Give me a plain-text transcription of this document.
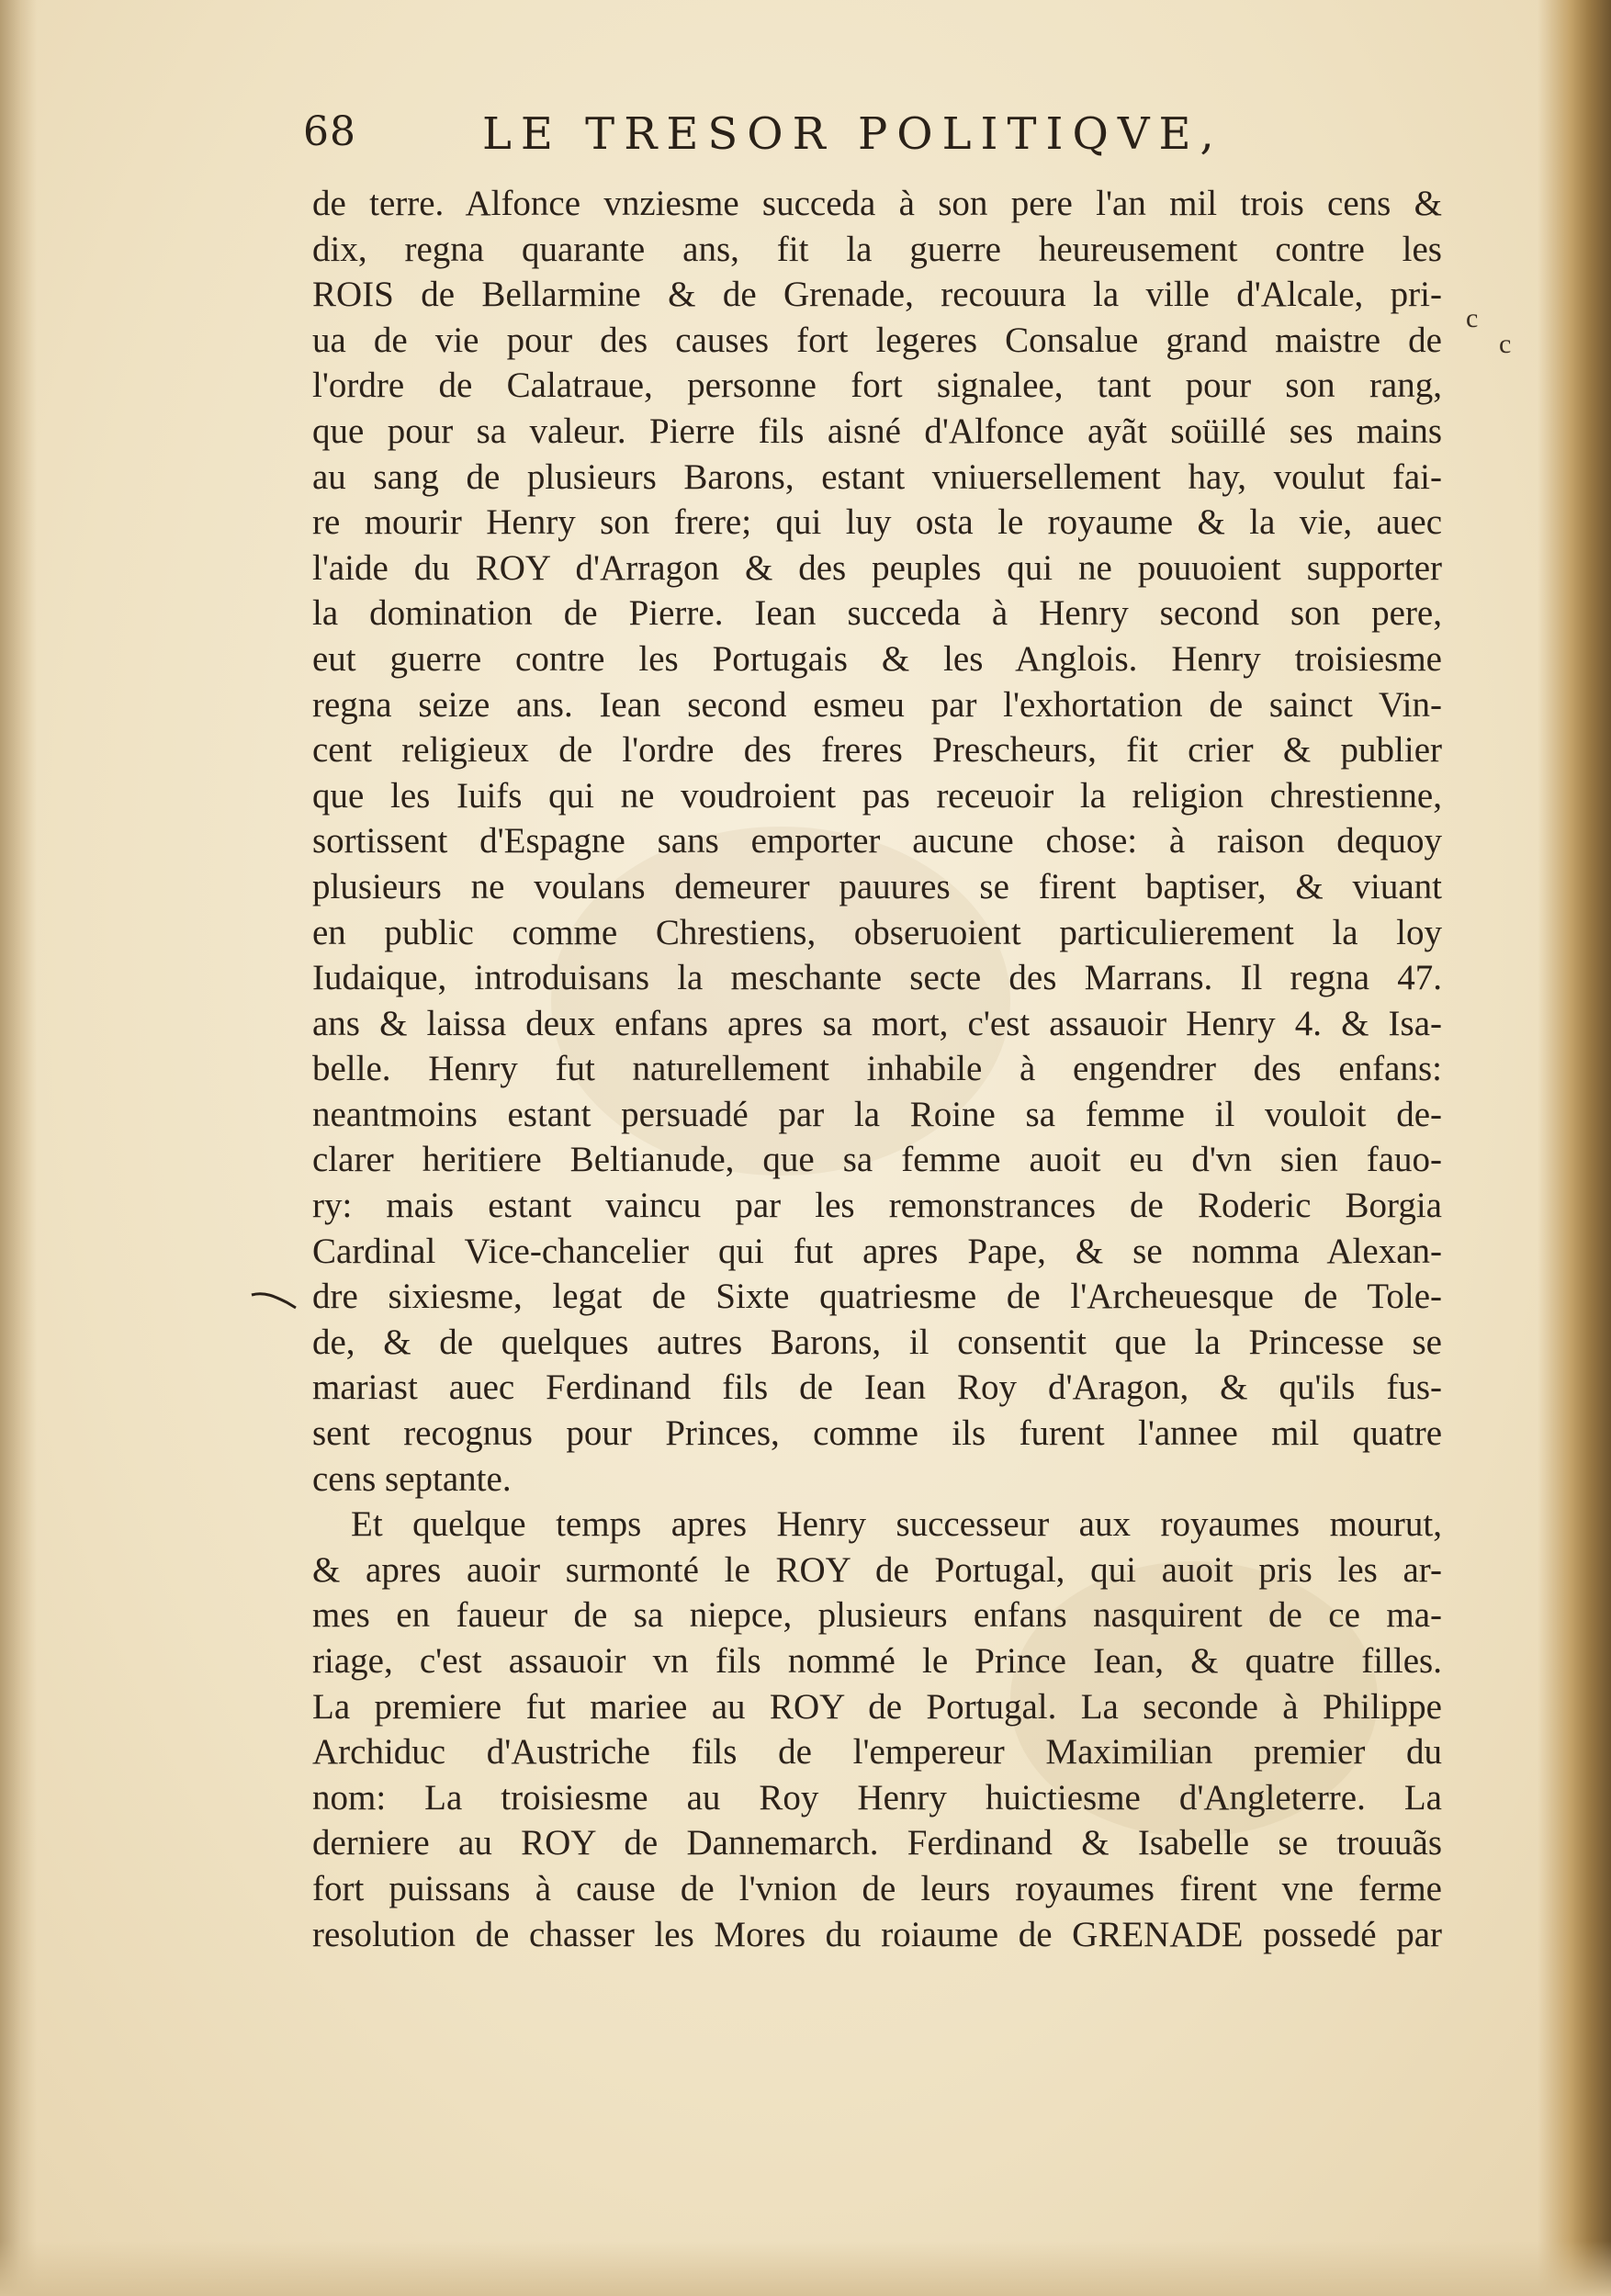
68	LE TRESOR POLITIQVE,
c
c
de terre. Alfonce vnziesme succeda à son pere l'an mil trois cens &
dix, regna quarante ans, fit la guerre heureusement contre les
ROIS de Bellarmine & de Grenade, recouura la ville d'Alcale, pri-
ua de vie pour des causes fort legeres Consalue grand maistre de
l'ordre de Calatraue, personne fort signalee, tant pour son rang,
que pour sa valeur. Pierre fils aisné d'Alfonce ayãt soüillé ses mains
au sang de plusieurs Barons, estant vniuersellement hay, voulut fai-
re mourir Henry son frere; qui luy osta le royaume & la vie, auec
l'aide du ROY d'Arragon & des peuples qui ne pouuoient supporter
la domination de Pierre. Iean succeda à Henry second son pere,
eut guerre contre les Portugais & les Anglois. Henry troisiesme
regna seize ans. Iean second esmeu par l'exhortation de sainct Vin-
cent religieux de l'ordre des freres Prescheurs, fit crier & publier
que les Iuifs qui ne voudroient pas receuoir la religion chrestienne,
sortissent d'Espagne sans emporter aucune chose: à raison dequoy
plusieurs ne voulans demeurer pauures se firent baptiser, & viuant
en public comme Chrestiens, obseruoient particulierement la loy
Iudaique, introduisans la meschante secte des Marrans. Il regna 47.
ans & laissa deux enfans apres sa mort, c'est assauoir Henry 4. & Isa-
belle. Henry fut naturellement inhabile à engendrer des enfans:
neantmoins estant persuadé par la Roine sa femme il vouloit de-
clarer heritiere Beltianude, que sa femme auoit eu d'vn sien fauo-
ry: mais estant vaincu par les remonstrances de Roderic Borgia
Cardinal Vice-chancelier qui fut apres Pape, & se nomma Alexan-
dre sixiesme, legat de Sixte quatriesme de l'Archeuesque de Tole-
de, & de quelques autres Barons, il consentit que la Princesse se
mariast auec Ferdinand fils de Iean Roy d'Aragon, & qu'ils fus-
sent recognus pour Princes, comme ils furent l'annee mil quatre
cens septante.
Et quelque temps apres Henry successeur aux royaumes mourut,
& apres auoir surmonté le ROY de Portugal, qui auoit pris les ar-
mes en faueur de sa niepce, plusieurs enfans nasquirent de ce ma-
riage, c'est assauoir vn fils nommé le Prince Iean, & quatre filles.
La premiere fut mariee au ROY de Portugal. La seconde à Philippe
Archiduc d'Austriche fils de l'empereur Maximilian premier du
nom: La troisiesme au Roy Henry huictiesme d'Angleterre. La
derniere au ROY de Dannemarch. Ferdinand & Isabelle se trouuãs
fort puissans à cause de l'vnion de leurs royaumes firent vne ferme
resolution de chasser les Mores du roiaume de GRENADE possedé par
